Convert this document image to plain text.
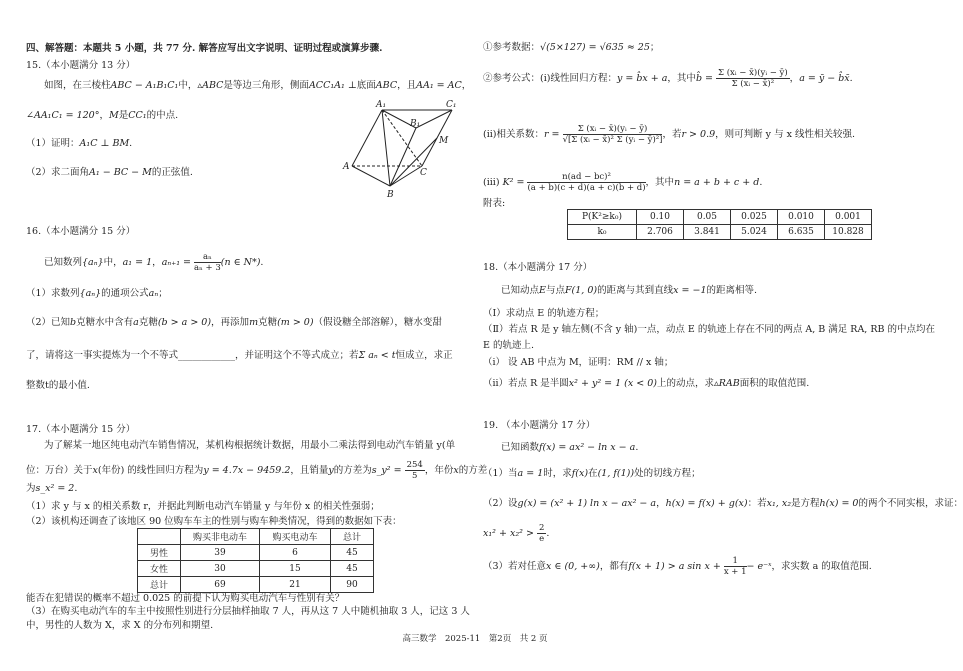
四、解答题：本题共 5 小题，共 77 分. 解答应写出文字说明、证明过程或演算步骤.
15.（本小题满分 13 分）
如图，在三棱柱ABC − A₁B₁C₁中，▵ABC是等边三角形，侧面ACC₁A₁ ⊥底面ABC，且AA₁ = AC，
∠AA₁C₁ = 120°，M是CC₁的中点.
（1）证明：A₁C ⊥ BM.
（2）求二面角A₁ − BC − M的正弦值.
A₁	C₁
B₁
M
A
C
B
16.（本小题满分 15 分）
已知数列{aₙ}中，a₁ = 1，$a_{n+1} = \frac{\text{aₙ}}{\text{aₙ + 3}} (n$ ∈ N*).
（1）求数列{aₙ}的通项公式aₙ；
（2）已知b克糖水中含有a克糖(b > a > 0)，再添加m克糖(m > 0)（假设糖全部溶解），糖水变甜
了，请将这一事实提炼为一个不等式____________，并证明这个不等式成立；若Σ aₙ < t恒成立，求正
整数t的最小值.
17.（本小题满分 15 分）
为了解某一地区纯电动汽车销售情况，某机构根据统计数据，用最小二乘法得到电动汽车销量 y(单
位：万台）关于x(年份) 的线性回归方程为y = 4.7x − 9459.2，且销量y的方差为s_y² = $\frac{254}{5}$ ，年份x的方差
为s_x² = 2.
（1）求 y 与 x 的相关系数 r，并据此判断电动汽车销量 y 与年份 x 的相关性强弱；
（2）该机构还调查了该地区 90 位购车车主的性别与购车种类情况，得到的数据如下表：
	购买非电动车	购买电动车	总计
男性	39	6	45
女性	30	15	45
总计	69	21	90
能否在犯错误的概率不超过 0.025 的前提下认为购买电动汽车与性别有关？
（3）在购买电动汽车的车主中按照性别进行分层抽样抽取 7 人，再从这 7 人中随机抽取 3 人，记这 3 人
中，男性的人数为 X，求 X 的分布列和期望.
①参考数据：√(5×127) = √635 ≈ 25；
②参考公式：(i)线性回归方程：y = b̂x + a，其中b̂ = $\frac{\text{Σ (xᵢ − x̄)(yᵢ − ȳ)}}{\text{Σ (xᵢ − x̄)²}}$ ，a = ȳ − b̂x̄.
(ii)相关系数：$r = \frac{\text{Σ (xᵢ − x̄)(yᵢ − ȳ)}}{\text{√[Σ (xᵢ − x̄)² Σ (yᵢ − ȳ)²]}}$ ，若r > 0.9，则可判断 y 与 x 线性相关较强.
(iii) $K^2 = \frac{\text{n(ad − bc)²}}{(a + b)(c + d)(a + c)(b + d)}$ ，其中n = a + b + c + d.
附表:
P(K²≥k₀)	0.10	0.05	0.025	0.010	0.001
k₀	2.706	3.841	5.024	6.635	10.828
18.（本小题满分 17 分）
已知动点E与点F(1, 0)的距离与其到直线x = −1的距离相等.
（Ⅰ）求动点 E 的轨迹方程；
（Ⅱ）若点 R 是 y 轴左侧(不含 y 轴)一点，动点 E 的轨迹上存在不同的两点 A, B 满足 RA, RB 的中点均在
E 的轨迹上.
（i） 设 AB 中点为 M，证明：RM // x 轴；
（ii）若点 R 是半圆x² + y² = 1 (x < 0)上的动点，求▵RAB面积的取值范围.
19. （本小题满分 17 分）
已知函数f(x) = ax² − ln x − a.
（1）当a = 1时，求f(x)在(1, f(1))处的切线方程；
（2）设g(x) = (x² + 1) ln x − ax² − a，h(x) = f(x) + g(x)：若x₁, x₂是方程h(x) = 0的两个不同实根，求证：
$x_1^2 + x_2^2 > \frac{2}{e}$ .
（3）若对任意x ∈ (0, +∞)，都有f(x + 1) > a $\sin x + \frac{1}{x + 1}$ − e⁻ˣ，求实数 a 的取值范围.
高三数学　2025-11　第2页　共 2 页
